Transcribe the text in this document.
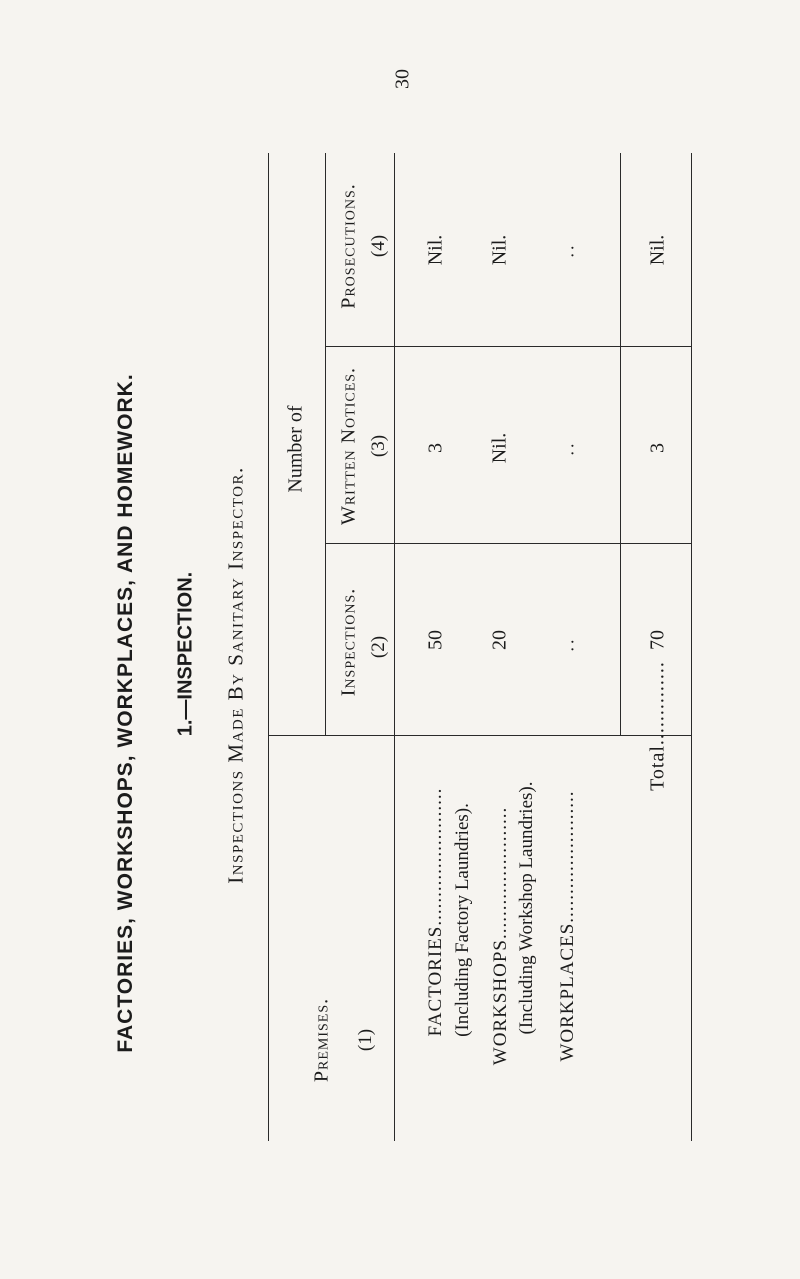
30
FACTORIES, WORKSHOPS, WORKPLACES, AND HOMEWORK. 1.—INSPECTION. Inspections Made By Sanitary Inspector.
Number of
Premises. (1)
Inspections. (2)
Written Notices. (3)
Prosecutions. (4)
FACTORIES........................ (Including Factory Laundries).
50
3
Nil.
WORKSHOPS....................... (Including Workshop Laundries).
20
Nil.
Nil.
WORKPLACES.......................
..
..
..
Total..............
70
3
Nil.
